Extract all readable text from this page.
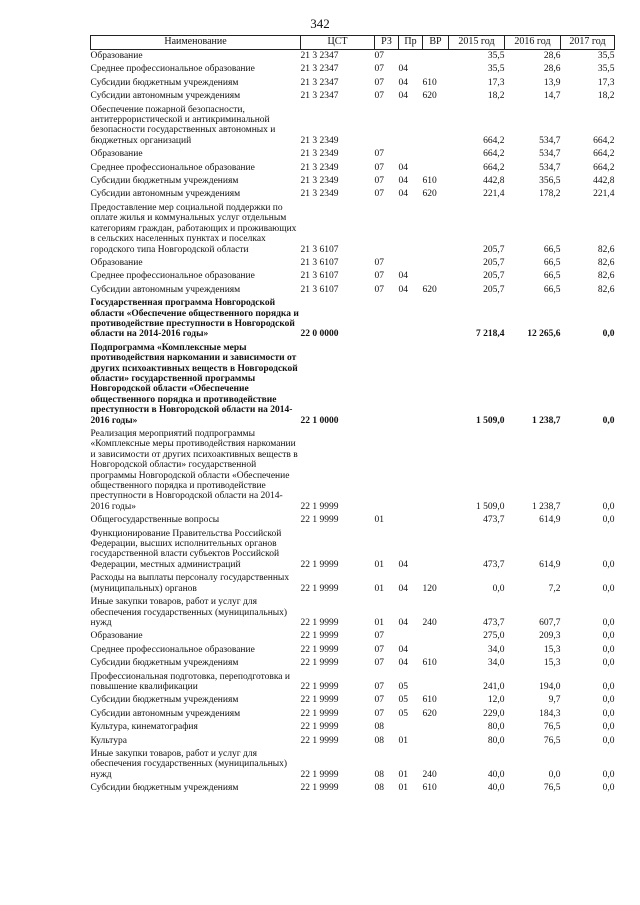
342
Наименование	ЦСТ	РЗ	Пр	ВР	2015 год	2016 год	2017 год
Образование	21 3 2347	07			35,5	28,6	35,5
Среднее профессиональное образование	21 3 2347	07	04		35,5	28,6	35,5
Субсидии бюджетным учреждениям	21 3 2347	07	04	610	17,3	13,9	17,3
Субсидии автономным учреждениям	21 3 2347	07	04	620	18,2	14,7	18,2
Обеспечение пожарной безопасности, антитеррористической и антикриминальной безопасности государственных автономных и бюджетных организаций	21 3 2349				664,2	534,7	664,2
Образование	21 3 2349	07			664,2	534,7	664,2
Среднее профессиональное образование	21 3 2349	07	04		664,2	534,7	664,2
Субсидии бюджетным учреждениям	21 3 2349	07	04	610	442,8	356,5	442,8
Субсидии автономным учреждениям	21 3 2349	07	04	620	221,4	178,2	221,4
Предоставление мер социальной поддержки по оплате жилья и коммунальных услуг отдельным категориям граждан, работающих и проживающих в сельских населенных пунктах и поселках городского типа Новгородской области	21 3 6107				205,7	66,5	82,6
Образование	21 3 6107	07			205,7	66,5	82,6
Среднее профессиональное образование	21 3 6107	07	04		205,7	66,5	82,6
Субсидии автономным учреждениям	21 3 6107	07	04	620	205,7	66,5	82,6
Государственная программа Новгородской области «Обеспечение общественного порядка и противодействие преступности в Новгородской области на 2014-2016 годы»	22 0 0000				7 218,4	12 265,6	0,0
Подпрограмма «Комплексные меры противодействия наркомании и зависимости от других психоактивных веществ в Новгородской области» государственной программы Новгородской области «Обеспечение общественного порядка и противодействие преступности в Новгородской области на 2014-2016 годы»	22 1 0000				1 509,0	1 238,7	0,0
Реализация мероприятий подпрограммы «Комплексные меры противодействия наркомании и зависимости от других психоактивных веществ в Новгородской области» государственной программы Новгородской области «Обеспечение общественного порядка и противодействие преступности в Новгородской области на 2014-2016 годы»	22 1 9999				1 509,0	1 238,7	0,0
Общегосударственные вопросы	22 1 9999	01			473,7	614,9	0,0
Функционирование Правительства Российской Федерации, высших исполнительных органов государственной власти субъектов Российской Федерации, местных администраций	22 1 9999	01	04		473,7	614,9	0,0
Расходы на выплаты персоналу государственных (муниципальных) органов	22 1 9999	01	04	120	0,0	7,2	0,0
Иные закупки товаров, работ и услуг для обеспечения государственных (муниципальных) нужд	22 1 9999	01	04	240	473,7	607,7	0,0
Образование	22 1 9999	07			275,0	209,3	0,0
Среднее профессиональное образование	22 1 9999	07	04		34,0	15,3	0,0
Субсидии бюджетным учреждениям	22 1 9999	07	04	610	34,0	15,3	0,0
Профессиональная подготовка, переподготовка и повышение квалификации	22 1 9999	07	05		241,0	194,0	0,0
Субсидии бюджетным учреждениям	22 1 9999	07	05	610	12,0	9,7	0,0
Субсидии автономным учреждениям	22 1 9999	07	05	620	229,0	184,3	0,0
Культура, кинематография	22 1 9999	08			80,0	76,5	0,0
Культура	22 1 9999	08	01		80,0	76,5	0,0
Иные закупки товаров, работ и услуг для обеспечения государственных (муниципальных) нужд	22 1 9999	08	01	240	40,0	0,0	0,0
Субсидии бюджетным учреждениям	22 1 9999	08	01	610	40,0	76,5	0,0
